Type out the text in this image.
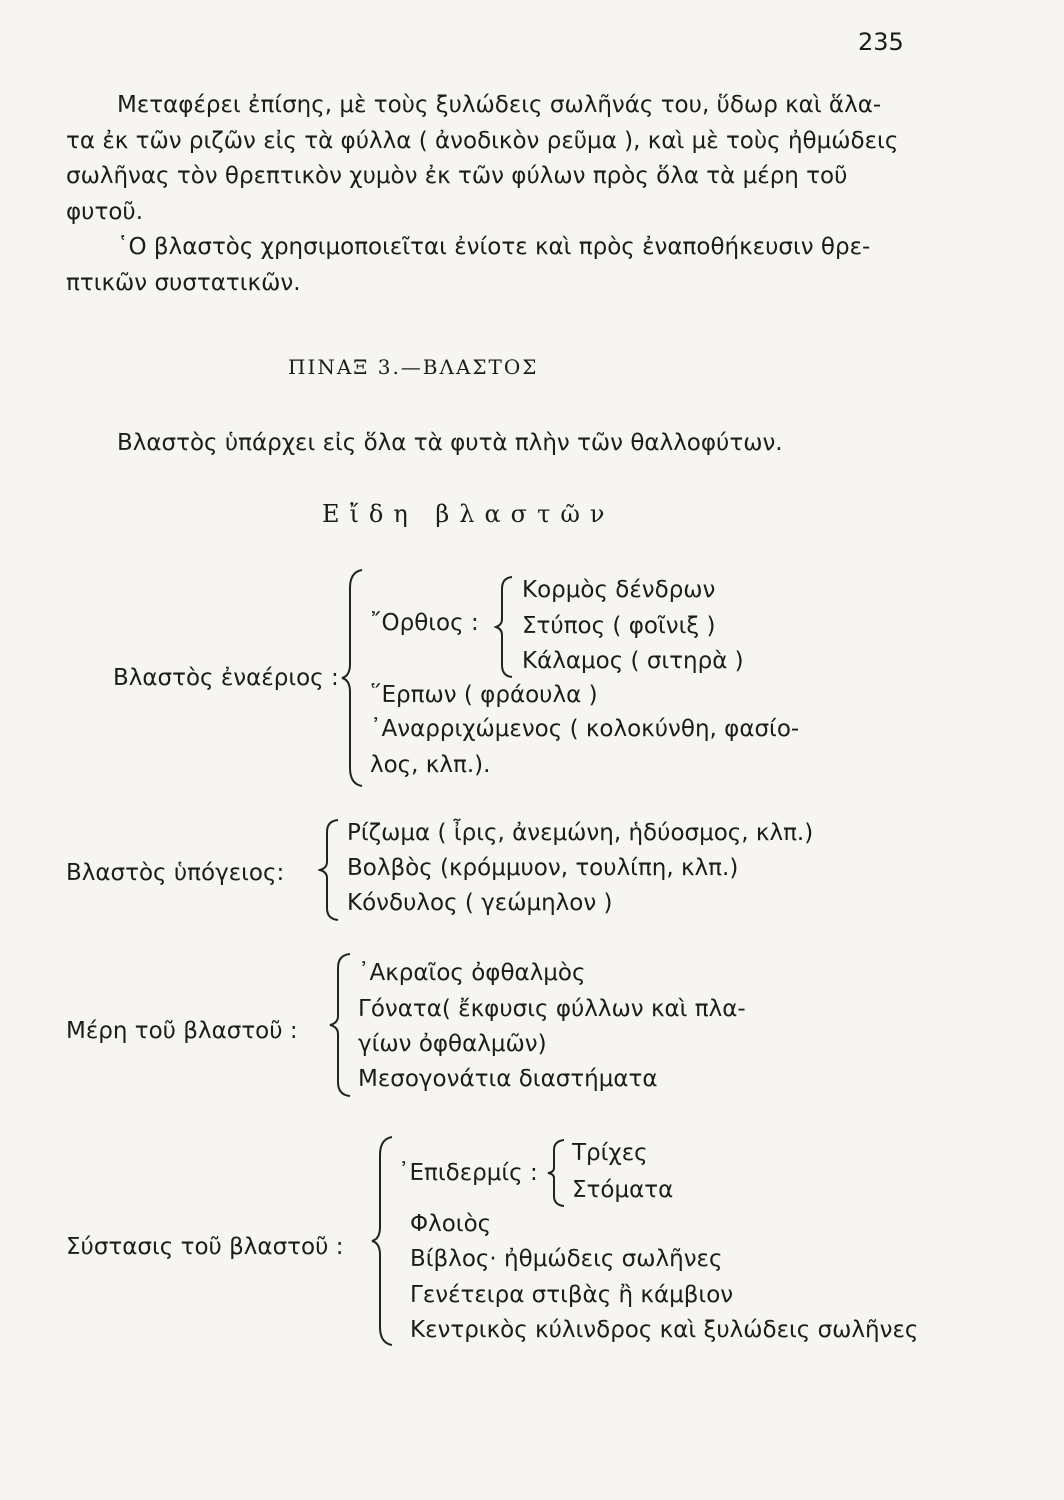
235
Μεταφέρει ἐπίσης, μὲ τοὺς ξυλώδεις σωλῆνάς του, ὕδωρ καὶ ἅλα-
τα ἐκ τῶν ριζῶν εἰς τὰ φύλλα ( ἀνοδικὸν ρεῦμα ), καὶ μὲ τοὺς ἠθμώδεις
σωλῆνας τὸν θρεπτικὸν χυμὸν ἐκ τῶν φύλων πρὸς ὅλα τὰ μέρη τοῦ
φυτοῦ.
῾Ο βλαστὸς χρησιμοποιεῖται ἐνίοτε καὶ πρὸς ἐναποθήκευσιν θρε-
πτικῶν συστατικῶν.
ΠΙΝΑΞ 3.—ΒΛΑΣΤΟΣ
Βλαστὸς ὑπάρχει εἰς ὅλα τὰ φυτὰ πλὴν τῶν θαλλοφύτων.
Εἴδη βλαστῶν
Βλαστὸς ἐναέριος :
῎Ορθιος :
Κορμὸς δένδρων
Στύπος ( φοῖνιξ )
Κάλαμος ( σιτηρὰ )
῞Ερπων ( φράουλα )
᾿Αναρριχώμενος ( κολοκύνθη, φασίο-
λος, κλπ.).
Βλαστὸς ὑπόγειος:
Ρίζωμα ( ἶρις, ἀνεμώνη, ἡδύοσμος, κλπ.)
Βολβὸς (κρόμμυον, τουλίπη, κλπ.)
Κόνδυλος ( γεώμηλον )
Μέρη τοῦ βλαστοῦ :
᾿Ακραῖος ὀφθαλμὸς
Γόνατα( ἔκφυσις φύλλων καὶ πλα-
γίων ὀφθαλμῶν)
Μεσογονάτια διαστήματα
Σύστασις τοῦ βλαστοῦ :
᾿Επιδερμίς :
Τρίχες
Στόματα
Φλοιὸς
Βίβλος· ἠθμώδεις σωλῆνες
Γενέτειρα στιβὰς ἢ κάμβιον
Κεντρικὸς κύλινδρος καὶ ξυλώδεις σωλῆνες
